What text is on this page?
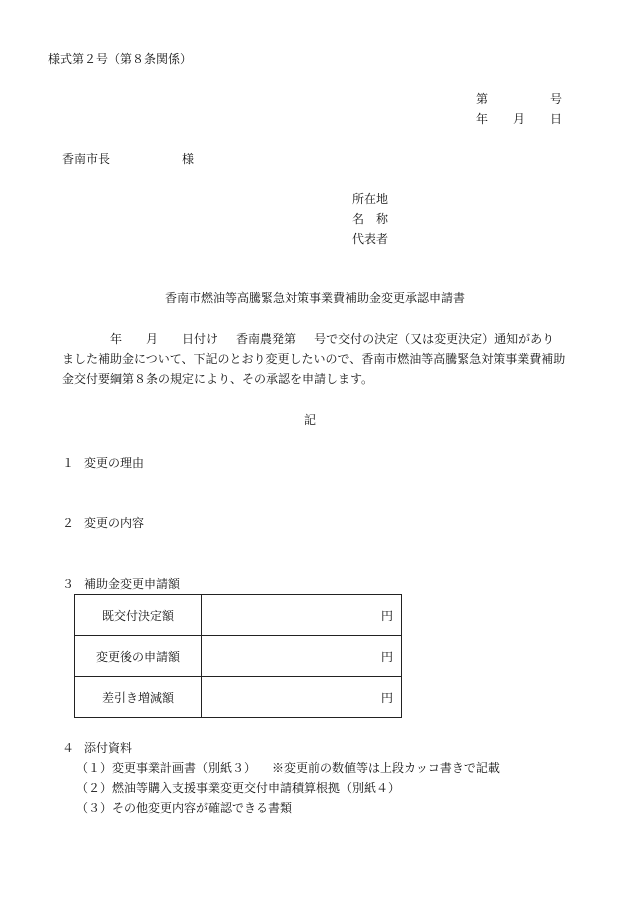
様式第２号（第８条関係）
第	号
年 月 日
香南市長	様
所在地
名　称
代表者
香南市燃油等高騰緊急対策事業費補助金変更承認申請書
年 月 日付け 香南農発第 号で交付の決定（又は変更決定）通知があり
ました補助金について、下記のとおり変更したいので、香南市燃油等高騰緊急対策事業費補助
金交付要綱第８条の規定により、その承認を申請します。
記
１ 変更の理由
２ 変更の内容
３ 補助金変更申請額
既交付決定額	円
変更後の申請額	円
差引き増減額	円
４ 添付資料
（１）変更事業計画書（別紙３） ※変更前の数値等は上段カッコ書きで記載
（２）燃油等購入支援事業変更交付申請積算根拠（別紙４）
（３）その他変更内容が確認できる書類
